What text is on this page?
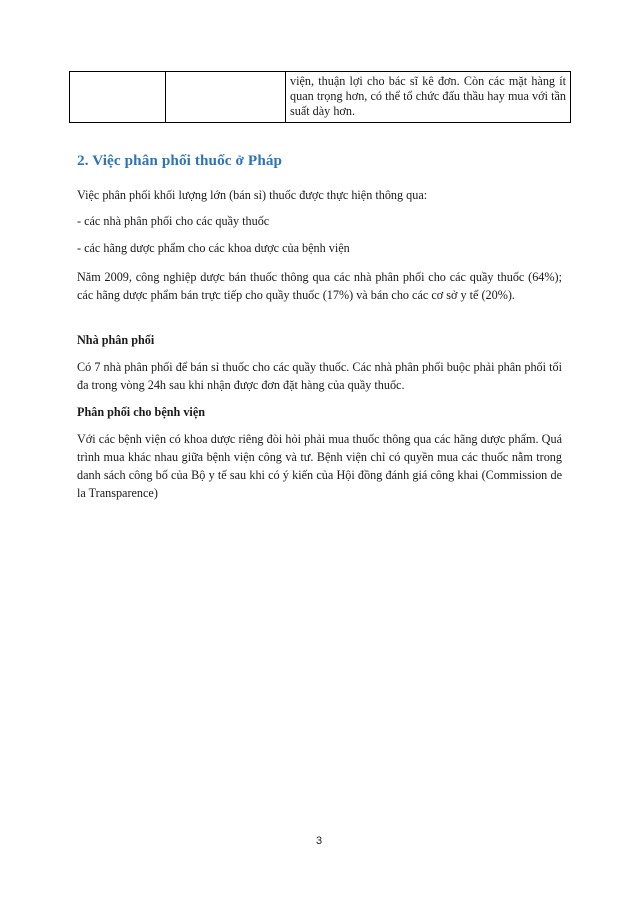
		viện, thuận lợi cho bác sĩ kê đơn. Còn các mặt hàng ít quan trọng hơn, có thể tổ chức đấu thầu hay mua với tần suất dày hơn.
2. Việc phân phối thuốc ở Pháp

Việc phân phối khối lượng lớn (bán sỉ) thuốc được thực hiện thông qua:

- các nhà phân phối cho các quầy thuốc

- các hãng dược phẩm cho các khoa dược của bệnh viện

Năm 2009, công nghiệp dược bán thuốc thông qua các nhà phân phối cho các quầy thuốc (64%); các hãng dược phẩm bán trực tiếp cho quầy thuốc (17%) và bán cho các cơ sở y tế (20%).

Nhà phân phối

Có 7 nhà phân phối để bán sỉ thuốc cho các quầy thuốc. Các nhà phân phối buộc phải phân phối tối đa trong vòng 24h sau khi nhận được đơn đặt hàng của quầy thuốc.

Phân phối cho bệnh viện

Với các bệnh viện có khoa dược riêng đòi hỏi phải mua thuốc thông qua các hãng dược phẩm. Quá trình mua khác nhau giữa bệnh viện công và tư. Bệnh viện chỉ có quyền mua các thuốc nằm trong danh sách công bố của Bộ y tế sau khi có ý kiến của Hội đồng đánh giá công khai (Commission de la Transparence)

3
